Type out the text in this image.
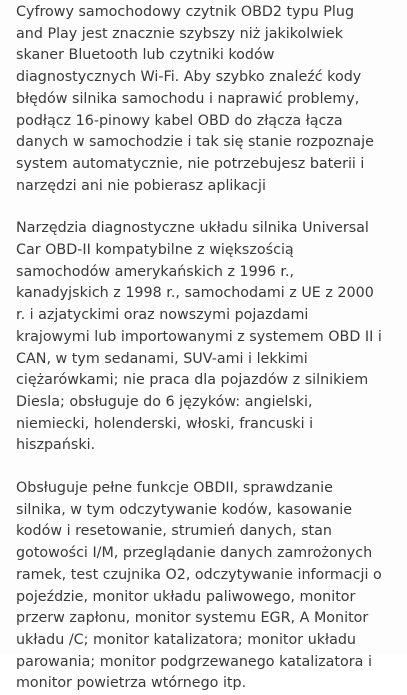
Cyfrowy samochodowy czytnik OBD2 typu Plug
and Play jest znacznie szybszy niż jakikolwiek
skaner Bluetooth lub czytniki kodów
diagnostycznych Wi-Fi. Aby szybko znaleźć kody
błędów silnika samochodu i naprawić problemy,
podłącz 16-pinowy kabel OBD do złącza łącza
danych w samochodzie i tak się stanie rozpoznaje
system automatycznie, nie potrzebujesz baterii i
narzędzi ani nie pobierasz aplikacji

Narzędzia diagnostyczne układu silnika Universal
Car OBD-II kompatybilne z większością
samochodów amerykańskich z 1996 r.,
kanadyjskich z 1998 r., samochodami z UE z 2000
r. i azjatyckimi oraz nowszymi pojazdami
krajowymi lub importowanymi z systemem OBD II i
CAN, w tym sedanami, SUV-ami i lekkimi
ciężarówkami; nie praca dla pojazdów z silnikiem
Diesla; obsługuje do 6 języków: angielski,
niemiecki, holenderski, włoski, francuski i
hiszpański.

Obsługuje pełne funkcje OBDII, sprawdzanie
silnika, w tym odczytywanie kodów, kasowanie
kodów i resetowanie, strumień danych, stan
gotowości I/M, przeglądanie danych zamrożonych
ramek, test czujnika O2, odczytywanie informacji o
pojeździe, monitor układu paliwowego, monitor
przerw zapłonu, monitor systemu EGR, A Monitor
układu /C; monitor katalizatora; monitor układu
parowania; monitor podgrzewanego katalizatora i
monitor powietrza wtórnego itp.
